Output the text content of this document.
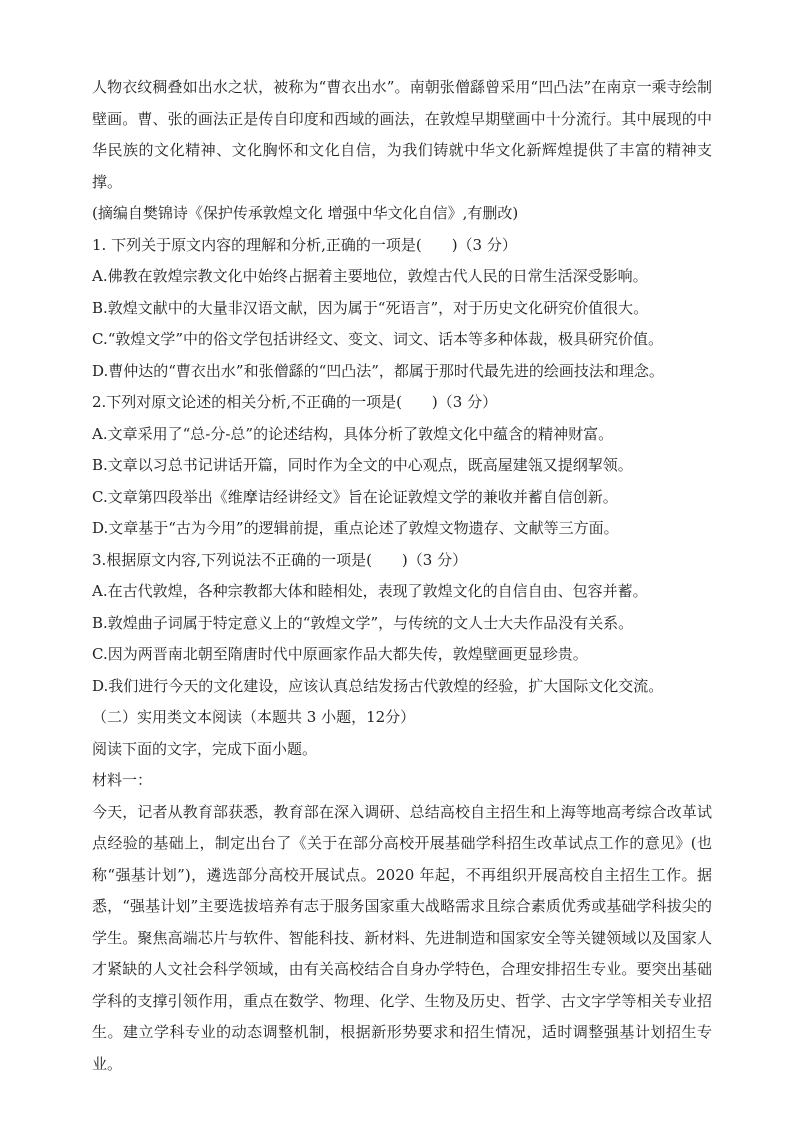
人物衣纹稠叠如出水之状，被称为“曹衣出水”。南朝张僧繇曾采用“凹凸法”在南京一乘寺绘制壁画。曹、张的画法正是传自印度和西域的画法，在敦煌早期壁画中十分流行。其中展现的中华民族的文化精神、文化胸怀和文化自信，为我们铸就中华文化新辉煌提供了丰富的精神支撑。

(摘编自樊锦诗《保护传承敦煌文化 增强中华文化自信》,有删改)

1. 下列关于原文内容的理解和分析,正确的一项是(　　)（3 分）

A.佛教在敦煌宗教文化中始终占据着主要地位，敦煌古代人民的日常生活深受影响。

B.敦煌文献中的大量非汉语文献，因为属于“死语言”，对于历史文化研究价值很大。

C.“敦煌文学”中的俗文学包括讲经文、变文、词文、话本等多种体裁，极具研究价值。

D.曹仲达的“曹衣出水”和张僧繇的“凹凸法”，都属于那时代最先进的绘画技法和理念。

2.下列对原文论述的相关分析,不正确的一项是(　　)（3 分）

A.文章采用了“总-分-总”的论述结构，具体分析了敦煌文化中蕴含的精神财富。

B.文章以习总书记讲话开篇，同时作为全文的中心观点，既高屋建瓴又提纲挈领。

C.文章第四段举出《维摩诘经讲经文》旨在论证敦煌文学的兼收并蓄自信创新。

D.文章基于“古为今用”的逻辑前提，重点论述了敦煌文物遗存、文献等三方面。

3.根据原文内容,下列说法不正确的一项是(　　)（3 分）

A.在古代敦煌，各种宗教都大体和睦相处，表现了敦煌文化的自信自由、包容并蓄。

B.敦煌曲子词属于特定意义上的“敦煌文学”，与传统的文人士大夫作品没有关系。

C.因为两晋南北朝至隋唐时代中原画家作品大都失传，敦煌壁画更显珍贵。

D.我们进行今天的文化建设，应该认真总结发扬古代敦煌的经验，扩大国际文化交流。

（二）实用类文本阅读（本题共 3 小题，12分）

阅读下面的文字，完成下面小题。

材料一：

今天，记者从教育部获悉，教育部在深入调研、总结高校自主招生和上海等地高考综合改革试点经验的基础上，制定出台了《关于在部分高校开展基础学科招生改革试点工作的意见》(也称“强基计划”)，遴选部分高校开展试点。2020 年起，不再组织开展高校自主招生工作。据悉，“强基计划”主要选拔培养有志于服务国家重大战略需求且综合素质优秀或基础学科拔尖的学生。聚焦高端芯片与软件、智能科技、新材料、先进制造和国家安全等关键领域以及国家人才紧缺的人文社会科学领域，由有关高校结合自身办学特色，合理安排招生专业。要突出基础学科的支撑引领作用，重点在数学、物理、化学、生物及历史、哲学、古文字学等相关专业招生。建立学科专业的动态调整机制，根据新形势要求和招生情况，适时调整强基计划招生专业。
